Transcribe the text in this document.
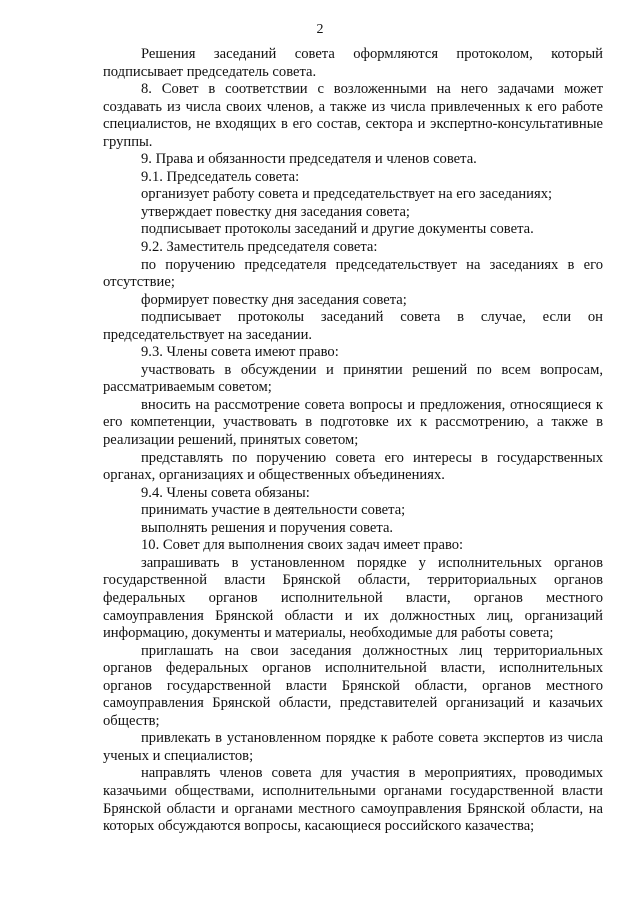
2

Решения заседаний совета оформляются протоколом, который подписывает председатель совета.

8. Совет в соответствии с возложенными на него задачами может создавать из числа своих членов, а также из числа привлеченных к его работе специалистов, не входящих в его состав, сектора и экспертно-консультативные группы.

9. Права и обязанности председателя и членов совета.

9.1. Председатель совета:

организует работу совета и председательствует на его заседаниях;

утверждает повестку дня заседания совета;

подписывает протоколы заседаний и другие документы совета.

9.2. Заместитель председателя совета:

по поручению председателя председательствует на заседаниях в его отсутствие;

формирует повестку дня заседания совета;

подписывает протоколы заседаний совета в случае, если он председательствует на заседании.

9.3. Члены совета имеют право:

участвовать в обсуждении и принятии решений по всем вопросам, рассматриваемым советом;

вносить на рассмотрение совета вопросы и предложения, относящиеся к его компетенции, участвовать в подготовке их к рассмотрению, а также в реализации решений, принятых советом;

представлять по поручению совета его интересы в государственных органах, организациях и общественных объединениях.

9.4. Члены совета обязаны:

принимать участие в деятельности совета;

выполнять решения и поручения совета.

10. Совет для выполнения своих задач имеет право:

запрашивать в установленном порядке у исполнительных органов государственной власти Брянской области, территориальных органов федеральных органов исполнительной власти, органов местного самоуправления Брянской области и их должностных лиц, организаций информацию, документы и материалы, необходимые для работы совета;

приглашать на свои заседания должностных лиц территориальных органов федеральных органов исполнительной власти, исполнительных органов государственной власти Брянской области, органов местного самоуправления Брянской области, представителей организаций и казачьих обществ;

привлекать в установленном порядке к работе совета экспертов из числа ученых и специалистов;

направлять членов совета для участия в мероприятиях, проводимых казачьими обществами, исполнительными органами государственной власти Брянской области и органами местного самоуправления Брянской области, на которых обсуждаются вопросы, касающиеся российского казачества;
